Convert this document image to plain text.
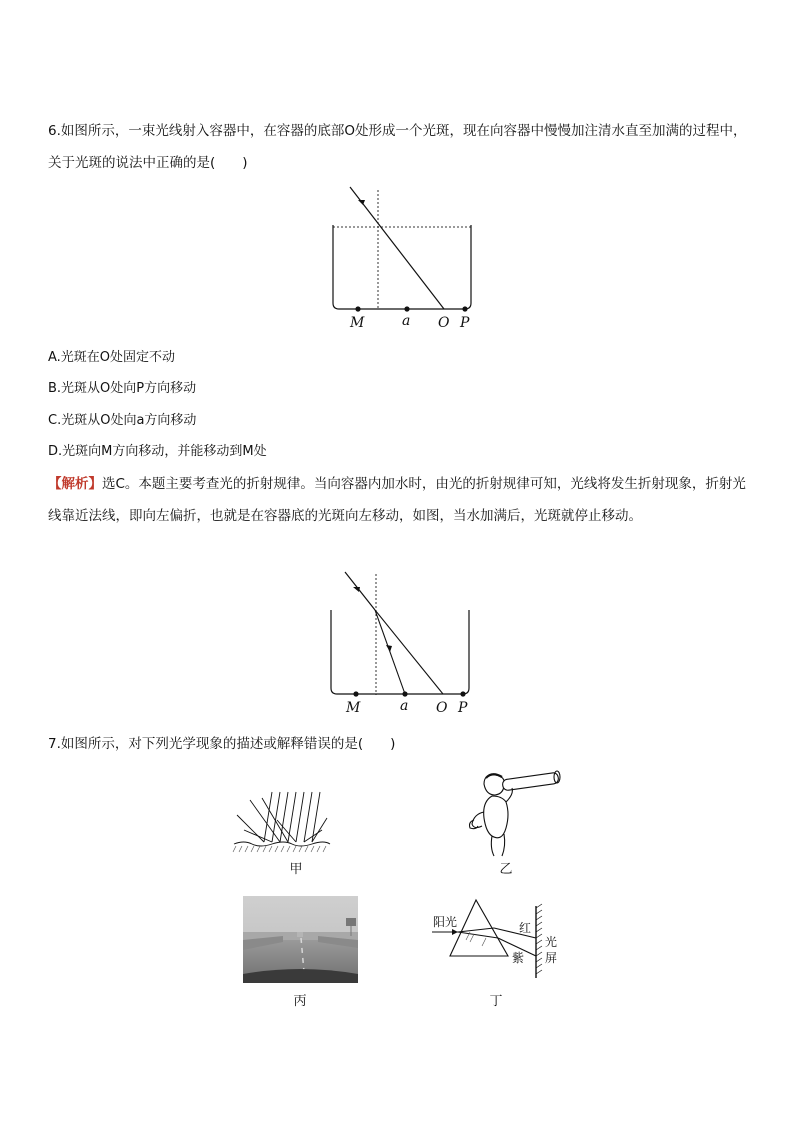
6.如图所示，一束光线射入容器中，在容器的底部O处形成一个光斑，现在向容器中慢慢加注清水直至加满的过程中，关于光斑的说法中正确的是(　　)
M	a O P
A.光斑在O处固定不动
B.光斑从O处向P方向移动
C.光斑从O处向a方向移动
D.光斑向M方向移动，并能移动到M处
【解析】选C。本题主要考查光的折射规律。当向容器内加水时，由光的折射规律可知，光线将发生折射现象，折射光线靠近法线，即向左偏折，也就是在容器底的光斑向左移动，如图，当水加满后，光斑就停止移动。
M	a O P
7.如图所示，对下列光学现象的描述或解释错误的是(　　)
甲	乙
丙
阳光	红
紫
光
屏
丁
